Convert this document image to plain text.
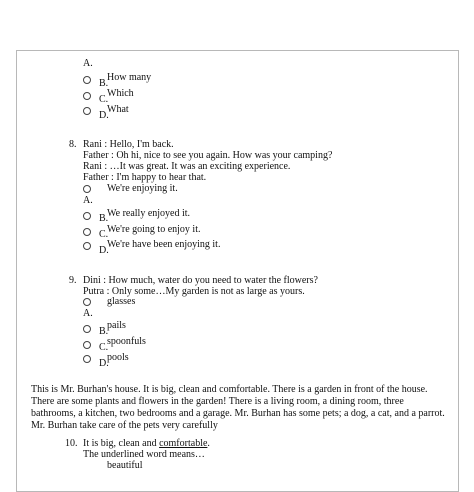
A.
B.
How many
C.
Which
What
D.
8. Rani : Hello, I'm back.
Father : Oh hi, nice to see you again. How was your camping?
Rani : …It was great. It was an exciting experience.
Father : I'm happy to hear that.
We're enjoying it.
A.
B.
We really enjoyed it.
C.
We're going to enjoy it.
We're have been enjoying it.
D.
9. Dini : How much, water do you need to water the flowers?
Putra : Only some…My garden is not as large as yours.
glasses
A.
B.
pails
C.
spoonfuls
pools
D.
This is Mr. Burhan's house. It is big, clean and comfortable. There is a garden in front of the house. There are some plants and flowers in the garden! There is a living room, a dining room, three bathrooms, a kitchen, two bedrooms and a garage. Mr. Burhan has some pets; a dog, a cat, and a parrot. Mr. Burhan take care of the pets very carefully
10. It is big, clean and comfortable.
The underlined word means…
beautiful
